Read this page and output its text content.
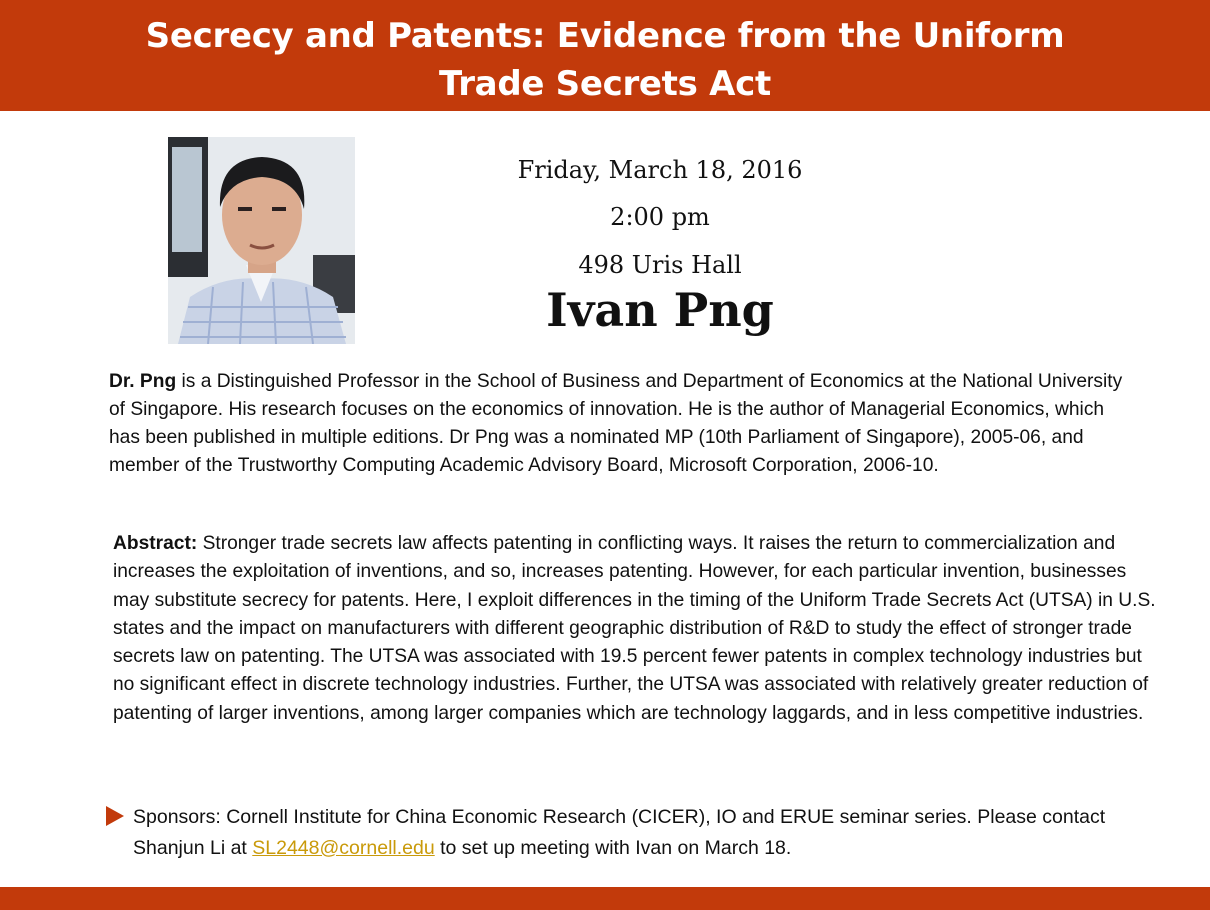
Secrecy and Patents: Evidence from the Uniform
Trade Secrets Act
Friday, March 18, 2016
2:00 pm
498 Uris Hall
Ivan Png

Dr. Png is a Distinguished Professor in the School of Business and Department of Economics at the National University of Singapore. His research focuses on the economics of innovation. He is the author of Managerial Economics, which has been published in multiple editions. Dr Png was a nominated MP (10th Parliament of Singapore), 2005-06, and member of the Trustworthy Computing Academic Advisory Board, Microsoft Corporation, 2006-10.

Abstract: Stronger trade secrets law affects patenting in conflicting ways. It raises the return to commercialization and increases the exploitation of inventions, and so, increases patenting. However, for each particular invention, businesses may substitute secrecy for patents. Here, I exploit differences in the timing of the Uniform Trade Secrets Act (UTSA) in U.S. states and the impact on manufacturers with different geographic distribution of R&D to study the effect of stronger trade secrets law on patenting. The UTSA was associated with 19.5 percent fewer patents in complex technology industries but no significant effect in discrete technology industries. Further, the UTSA was associated with relatively greater reduction of patenting of larger inventions, among larger companies which are technology laggards, and in less competitive industries.

Sponsors: Cornell Institute for China Economic Research (CICER), IO and ERUE seminar series. Please contact Shanjun Li at SL2448@cornell.edu to set up meeting with Ivan on March 18.
